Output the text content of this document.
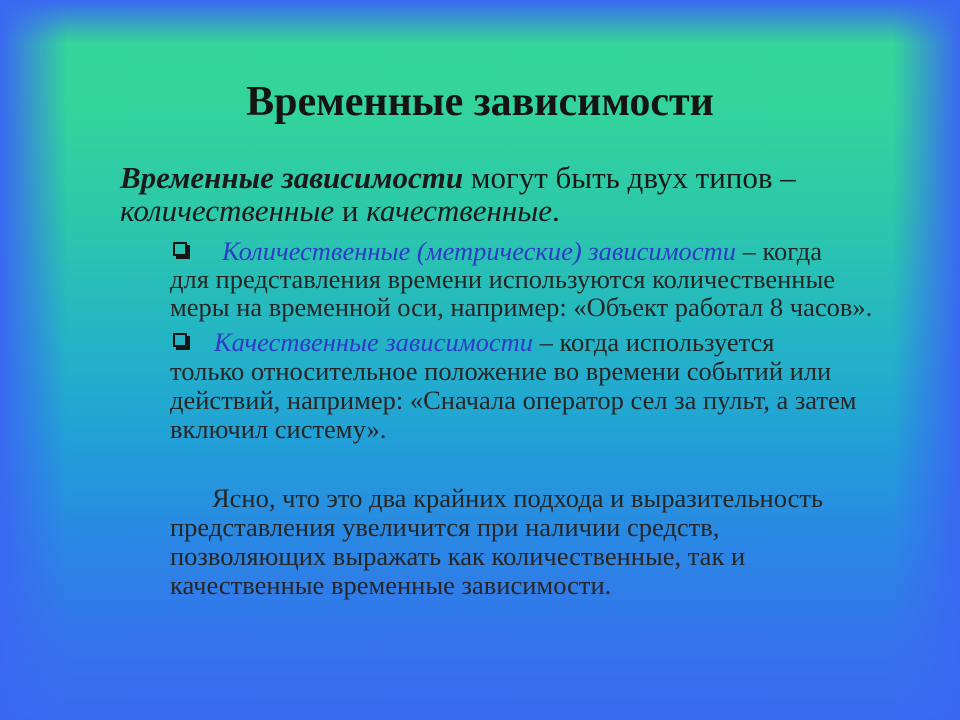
Временные зависимости
Временные зависимости могут быть двух типов –
количественные и качественные.
Количественные (метрические) зависимости – когда
для представления времени используются количественные
меры на временной оси, например: «Объект работал 8 часов».
Качественные зависимости – когда используется
только относительное положение во времени событий или
действий, например: «Сначала оператор сел за пульт, а затем
включил систему».
Ясно, что это два крайних подхода и выразительность
представления увеличится при наличии средств,
позволяющих выражать как количественные, так и
качественные временные зависимости.
